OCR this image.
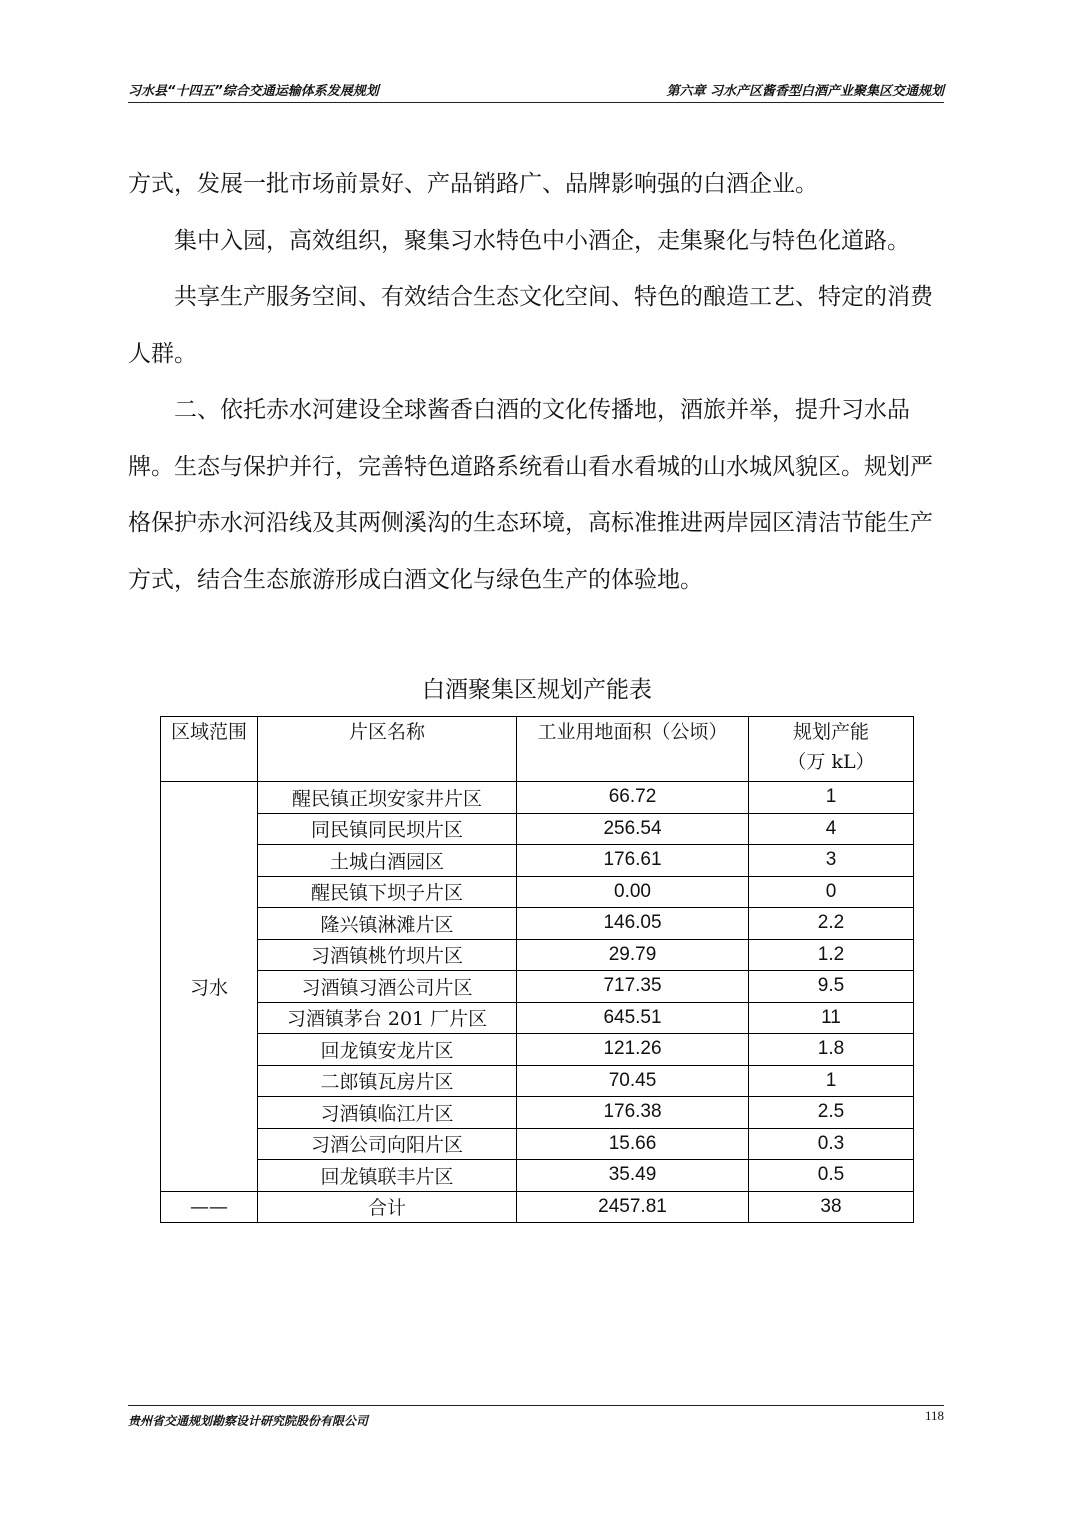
习水县“十四五”综合交通运输体系发展规划	第六章 习水产区酱香型白酒产业聚集区交通规划

方式，发展一批市场前景好、产品销路广、品牌影响强的白酒企业。

集中入园，高效组织，聚集习水特色中小酒企，走集聚化与特色化道路。

共享生产服务空间、有效结合生态文化空间、特色的酿造工艺、特定的消费人群。

二、依托赤水河建设全球酱香白酒的文化传播地，酒旅并举，提升习水品牌。生态与保护并行，完善特色道路系统看山看水看城的山水城风貌区。规划严格保护赤水河沿线及其两侧溪沟的生态环境，高标准推进两岸园区清洁节能生产方式，结合生态旅游形成白酒文化与绿色生产的体验地。

白酒聚集区规划产能表
区域范围	片区名称	工业用地面积（公顷）	规划产能
（万 kL）

习水	醒民镇正坝安家井片区	66.72	1
	同民镇同民坝片区	256.54	4
	土城白酒园区	176.61	3
	醒民镇下坝子片区	0.00	0
	隆兴镇淋滩片区	146.05	2.2
	习酒镇桃竹坝片区	29.79	1.2
	习酒镇习酒公司片区	717.35	9.5
	习酒镇茅台 201 厂片区	645.51	11
	回龙镇安龙片区	121.26	1.8
	二郎镇瓦房片区	70.45	1
	习酒镇临江片区	176.38	2.5
	习酒公司向阳片区	15.66	0.3
	回龙镇联丰片区	35.49	0.5
——	合计	2457.81	38
贵州省交通规划勘察设计研究院股份有限公司	118
